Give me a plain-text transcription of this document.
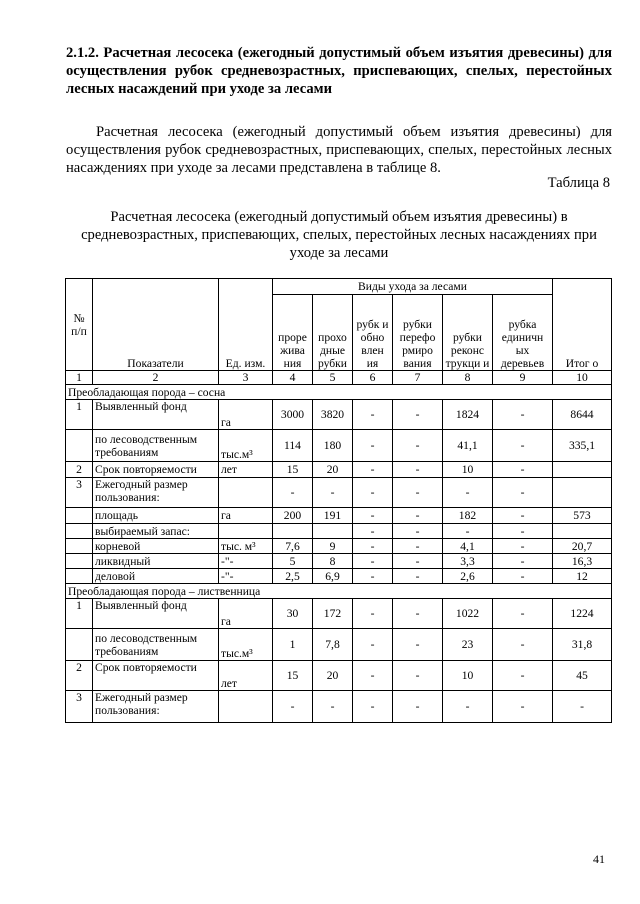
2.1.2. Расчетная лесосека (ежегодный допустимый объем изъятия древесины) для осуществления рубок средневозрастных, приспевающих, спелых, перестойных лесных насаждений при уходе за лесами
Расчетная лесосека (ежегодный допустимый объем изъятия древесины) для осуществления рубок средневозрастных, приспевающих, спелых, перестойных лесных насаждениях при уходе за лесами представлена в таблице 8.
Таблица 8
Расчетная лесосека (ежегодный допустимый объем изъятия древесины) в средневозрастных, приспевающих, спелых, перестойных лесных насаждениях при уходе за лесами
№ п/п	Показатели	Ед. изм.	Виды ухода за лесами						Итог о
			проре жива ния	прохо дные рубки	рубк и обно влен ия	рубки перефо рмиро вания	рубки реконс трукци и	рубка единичн ых деревьев	
1	2	3	4	5	6	7	8	9	10
Преобладающая порода – сосна									
1	Выявленный фонд	га	3000	3820	-	-	1824	-	8644
	по лесоводственным требованиям	тыс.м³	114	180	-	-	41,1	-	335,1
2	Срок повторяемости	лет	15	20	-	-	10	-	
3	Ежегодный размер пользования:		-	-	-	-	-	-	
	площадь	га	200	191	-	-	182	-	573
	выбираемый запас:				-	-	-	-	
	корневой	тыс. м³	7,6	9	-	-	4,1	-	20,7
	ликвидный	-"-	5	8	-	-	3,3	-	16,3
	деловой	-"-	2,5	6,9	-	-	2,6	-	12
Преобладающая порода – лиственница									
1	Выявленный фонд	га	30	172	-	-	1022	-	1224
	по лесоводственным требованиям	тыс.м³	1	7,8	-	-	23	-	31,8
2	Срок повторяемости	лет	15	20	-	-	10	-	45
3	Ежегодный размер пользования:		-	-	-	-	-	-	-
41
